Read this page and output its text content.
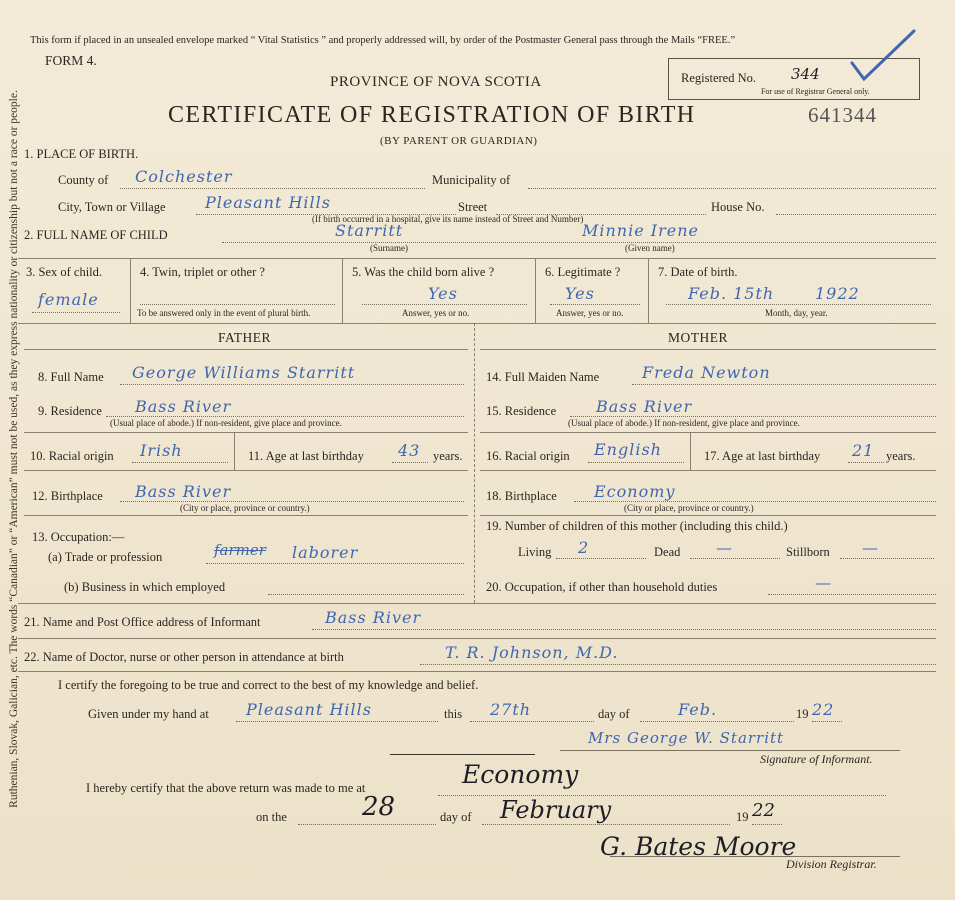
Ruthenian, Slovak, Galician, etc. The words “Canadian” or “American” must not be used, as they express nationality or citizenship but not a race or people.
This form if placed in an unsealed envelope marked “ Vital Statistics ” and properly addressed will, by order of the Postmaster General pass through the Mails “FREE.”
FORM 4.
PROVINCE OF NOVA SCOTIA
CERTIFICATE OF REGISTRATION OF BIRTH
(BY PARENT OR GUARDIAN)
Registered No. 344
For use of Registrar General only.
641344
1. PLACE OF BIRTH.
County of Colchester	Municipality of
City, Town or Village Pleasant Hills	Street	House No.
(If birth occurred in a hospital, give its name instead of Street and Number)
2. FULL NAME OF CHILD	Starritt	Minnie Irene
(Surname)	(Given name)
3. Sex of child.
female
4. Twin, triplet or other ?
To be answered only in the event of plural birth.
5. Was the child born alive ?
Yes
Answer, yes or no.
6. Legitimate ?
Yes
Answer, yes or no.
7. Date of birth.
Feb. 15th	1922
Month, day, year.
FATHER
8. Full Name George Williams Starritt
9. Residence Bass River
(Usual place of abode.) If non-resident, give place and province.
10. Racial origin Irish	11. Age at last birthday 43 years.
12. Birthplace Bass River
(City or place, province or country.)
13. Occupation:—
(a) Trade or profession	farmer laborer
(b) Business in which employed
MOTHER
14. Full Maiden Name	Freda Newton
15. Residence Bass River
(Usual place of abode.) If non-resident, give place and province.
16. Racial origin English	17. Age at last birthday 21 years.
18. Birthplace Economy
(City or place, province or country.)
19. Number of children of this mother (including this child.)
Living 2	Dead —	Stillborn —
20. Occupation, if other than household duties	—
21. Name and Post Office address of Informant	Bass River
22. Name of Doctor, nurse or other person in attendance at birth	T. R. Johnson, M.D.
I certify the foregoing to be true and correct to the best of my knowledge and belief.
Given under my hand at Pleasant Hills	this 27th	day of	Feb.	19 22
Mrs George W. Starritt
Signature of Informant.
I hereby certify that the above return was made to me at	Economy
on the	28	day of February	19 22
G. Bates Moore
Division Registrar.
